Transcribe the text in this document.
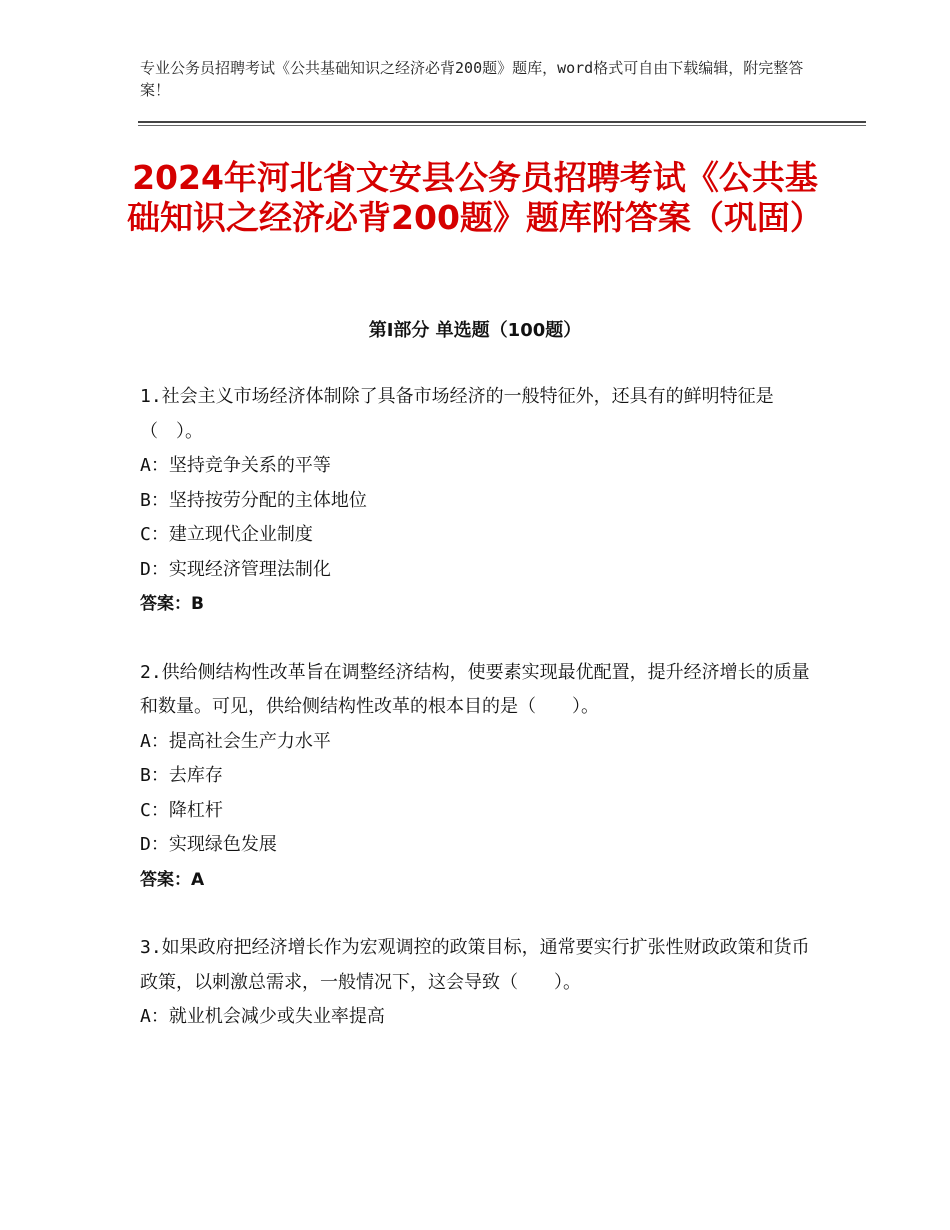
专业公务员招聘考试《公共基础知识之经济必背200题》题库，word格式可自由下载编辑，附完整答案！
2024年河北省文安县公务员招聘考试《公共基础知识之经济必背200题》题库附答案（巩固）
第Ⅰ部分 单选题（100题）

1.社会主义市场经济体制除了具备市场经济的一般特征外，还具有的鲜明特征是（　）。

A：坚持竞争关系的平等

B：坚持按劳分配的主体地位

C：建立现代企业制度

D：实现经济管理法制化

答案：B

2.供给侧结构性改革旨在调整经济结构，使要素实现最优配置，提升经济增长的质量和数量。可见，供给侧结构性改革的根本目的是（　　）。

A：提高社会生产力水平

B：去库存

C：降杠杆

D：实现绿色发展

答案：A

3.如果政府把经济增长作为宏观调控的政策目标，通常要实行扩张性财政政策和货币政策，以刺激总需求，一般情况下，这会导致（　　）。

A：就业机会减少或失业率提高
